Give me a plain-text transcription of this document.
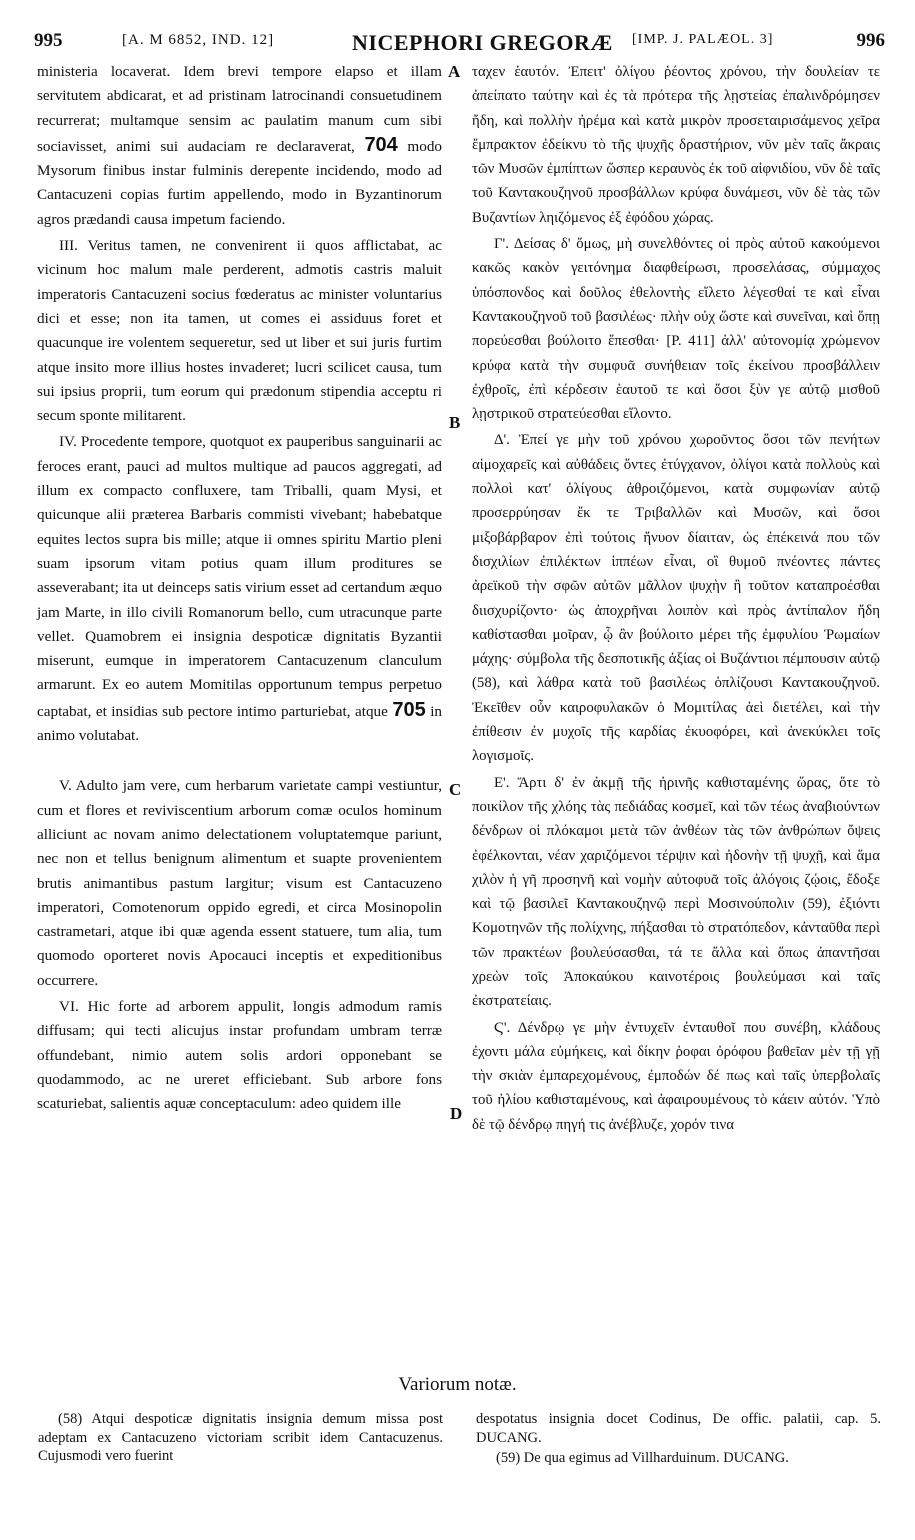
995	[A. M 6852, IND. 12]	NICEPHORI GREGORÆ [IMP. J. PALÆOL. 3]	996
A
B
C
D

ministeria locaverat. Idem brevi tempore elapso et illam servitutem abdicarat, et ad pristinam latrocinandi consuetudinem recurrerat; multamque sensim ac paulatim manum cum sibi sociavisset, animi sui audaciam re declaraverat, 704 modo Mysorum finibus instar fulminis derepente incidendo, modo ad Cantacuzeni copias furtim appellendo, modo in Byzantinorum agros prædandi causa impetum faciendo.

III. Veritus tamen, ne convenirent ii quos afflictabat, ac vicinum hoc malum male perderent, admotis castris maluit imperatoris Cantacuzeni socius fœderatus ac minister voluntarius dici et esse; non ita tamen, ut comes ei assiduus foret et quacunque ire volentem sequeretur, sed ut liber et sui juris furtim atque insito more illius hostes invaderet; lucri scilicet causa, tum sui ipsius proprii, tum eorum qui prædonum stipendia acceptu ri secum sponte militarent.

IV. Procedente tempore, quotquot ex pauperibus sanguinarii ac feroces erant, pauci ad multos multique ad paucos aggregati, ad illum ex compacto confluxere, tam Triballi, quam Mysi, et quicunque alii præterea Barbaris commisti vivebant; habebatque equites lectos supra bis mille; atque ii omnes spiritu Martio pleni suam ipsorum vitam potius quam illum proditures se asseverabant; ita ut deinceps satis virium esset ad certandum æquo jam Marte, in illo civili Romanorum bello, cum utracunque parte vellet. Quamobrem ei insignia despoticæ dignitatis Byzantii miserunt, eumque in imperatorem Cantacuzenum clanculum armarunt. Ex eo autem Momitilas opportunum tempus perpetuo captabat, et insidias sub pectore intimo parturiebat, atque 705 in animo volutabat.

V. Adulto jam vere, cum herbarum varietate campi vestiuntur, cum et flores et reviviscentium arborum comæ oculos hominum alliciunt ac novam animo delectationem voluptatemque pariunt, nec non et tellus benignum alimentum et suapte provenientem brutis animantibus pastum largitur; visum est Cantacuzeno imperatori, Comotenorum oppido egredi, et circa Mosinopolin castrametari, atque ibi quæ agenda essent statuere, tum alia, tum quomodo oporteret novis Apocauci inceptis et expeditionibus occurrere.

VI. Hic forte ad arborem appulit, longis admodum ramis diffusam; qui tecti alicujus instar profundam umbram terræ offundebant, nimio autem solis ardori opponebant se quodammodo, ac ne ureret efficiebant. Sub arbore fons scaturiebat, salientis aquæ conceptaculum: adeo quidem ille

ταχεν ἑαυτόν. Ἐπειτ' ὀλίγου ῥέοντος χρόνου, τὴν δουλείαν τε ἀπείπατο ταύτην καὶ ἐς τὰ πρότερα τῆς λῃστείας ἐπαλινδρόμησεν ἤδη, καὶ πολλὴν ἠρέμα καὶ κατὰ μικρὸν προσεταιρισάμενος χεῖρα ἔμπρακτον ἐδείκνυ τὸ τῆς ψυχῆς δραστήριον, νῦν μὲν ταῖς ἄκραις τῶν Μυσῶν ἐμπίπτων ὥσπερ κεραυνὸς ἐκ τοῦ αἰφνιδίου, νῦν δὲ ταῖς τοῦ Καντακουζηνοῦ προσβάλλων κρύφα δυνάμεσι, νῦν δὲ τὰς τῶν Βυζαντίων ληιζόμενος ἐξ ἐφόδου χώρας.

Γ'. Δείσας δ' ὅμως, μὴ συνελθόντες οἱ πρὸς αὐτοῦ κακούμενοι κακῶς κακὸν γειτόνημα διαφθείρωσι, προσελάσας, σύμμαχος ὑπόσπονδος καὶ δοῦλος ἐθελοντὴς εἵλετο λέγεσθαί τε καὶ εἶναι Καντακουζηνοῦ τοῦ βασιλέως· πλὴν οὐχ ὥστε καὶ συνεῖναι, καὶ ὅπῃ πορεύεσθαι βούλοιτο ἕπεσθαι· [P. 411] ἀλλ' αὐτονομίᾳ χρώμενον κρύφα κατὰ τὴν συμφυᾶ συνήθειαν τοῖς ἐκείνου προσβάλλειν ἐχθροῖς, ἐπὶ κέρδεσιν ἑαυτοῦ τε καὶ ὅσοι ξὺν γε αὐτῷ μισθοῦ λῃστρικοῦ στρατεύεσθαι εἵλοντο.

Δ'. Ἐπεί γε μὴν τοῦ χρόνου χωροῦντος ὅσοι τῶν πενήτων αἱμοχαρεῖς καὶ αὐθάδεις ὄντες ἐτύγχανον, ὀλίγοι κατὰ πολλοὺς καὶ πολλοὶ κατ' ὀλίγους ἀθροιζόμενοι, κατὰ συμφωνίαν αὐτῷ προσερρύησαν ἔκ τε Τριβαλλῶν καὶ Μυσῶν, καὶ ὅσοι μιξοβάρβαρον ἐπὶ τούτοις ἤνυον δίαιταν, ὡς ἐπέκεινά που τῶν δισχιλίων ἐπιλέκτων ἱππέων εἶναι, οἳ θυμοῦ πνέοντες πάντες ἀρεϊκοῦ τὴν σφῶν αὐτῶν μᾶλλον ψυχὴν ἢ τοῦτον καταπροέσθαι διισχυρίζοντο· ὡς ἀποχρῆναι λοιπὸν καὶ πρὸς ἀντίπαλον ἤδη καθίστασθαι μοῖραν, ᾧ ἂν βούλοιτο μέρει τῆς ἐμφυλίου Ῥωμαίων μάχης· σύμβολα τῆς δεσποτικῆς ἀξίας οἱ Βυζάντιοι πέμπουσιν αὐτῷ (58), καὶ λάθρα κατὰ τοῦ βασιλέως ὁπλίζουσι Καντακουζηνοῦ. Ἐκεῖθεν οὖν καιροφυλακῶν ὁ Μομιτίλας ἀεὶ διετέλει, καὶ τὴν ἐπίθεσιν ἐν μυχοῖς τῆς καρδίας ἐκυοφόρει, καὶ ἀνεκύκλει τοῖς λογισμοῖς.

Ε'. Ἄρτι δ' ἐν ἀκμῇ τῆς ἠρινῆς καθισταμένης ὥρας, ὅτε τὸ ποικίλον τῆς χλόης τὰς πεδιάδας κοσμεῖ, καὶ τῶν τέως ἀναβιούντων δένδρων οἱ πλόκαμοι μετὰ τῶν ἀνθέων τὰς τῶν ἀνθρώπων ὄψεις ἐφέλκονται, νέαν χαριζόμενοι τέρψιν καὶ ἡδονὴν τῇ ψυχῇ, καὶ ἅμα χιλὸν ἡ γῆ προσηνῆ καὶ νομὴν αὐτοφυᾶ τοῖς ἀλόγοις ζῴοις, ἔδοξε καὶ τῷ βασιλεῖ Καντακουζηνῷ περὶ Μοσινούπολιν (59), ἐξιόντι Κομοτηνῶν τῆς πολίχνης, πήξασθαι τὸ στρατόπεδον, κἀνταῦθα περὶ τῶν πρακτέων βουλεύσασθαι, τά τε ἄλλα καὶ ὅπως ἀπαντῆσαι χρεὼν τοῖς Ἀποκαύκου καινοτέροις βουλεύμασι καὶ ταῖς ἐκστρατείαις.

Ϛ'. Δένδρῳ γε μὴν ἐντυχεῖν ἐνταυθοῖ που συνέβη, κλάδους ἐχοντι μάλα εὐμήκεις, καὶ δίκην ῥοφαι ὀρόφου βαθεῖαν μὲν τῇ γῇ τὴν σκιὰν ἐμπαρεχομένους, ἐμποδών δέ πως καὶ ταῖς ὑπερβολαῖς τοῦ ἡλίου καθισταμένους, καὶ ἀφαιρουμένους τὸ κάειν αὐτόν. Ὑπὸ δὲ τῷ δένδρῳ πηγή τις ἀνέβλυζε, χορόν τινα

Variorum notæ.

(58) Atqui despoticæ dignitatis insignia demum missa post adeptam ex Cantacuzeno victoriam scribit idem Cantacuzenus. Cujusmodi vero fuerint

despotatus insignia docet Codinus, De offic. palatii, cap. 5. DUCANG.

(59) De qua egimus ad Villharduinum. DUCANG.
